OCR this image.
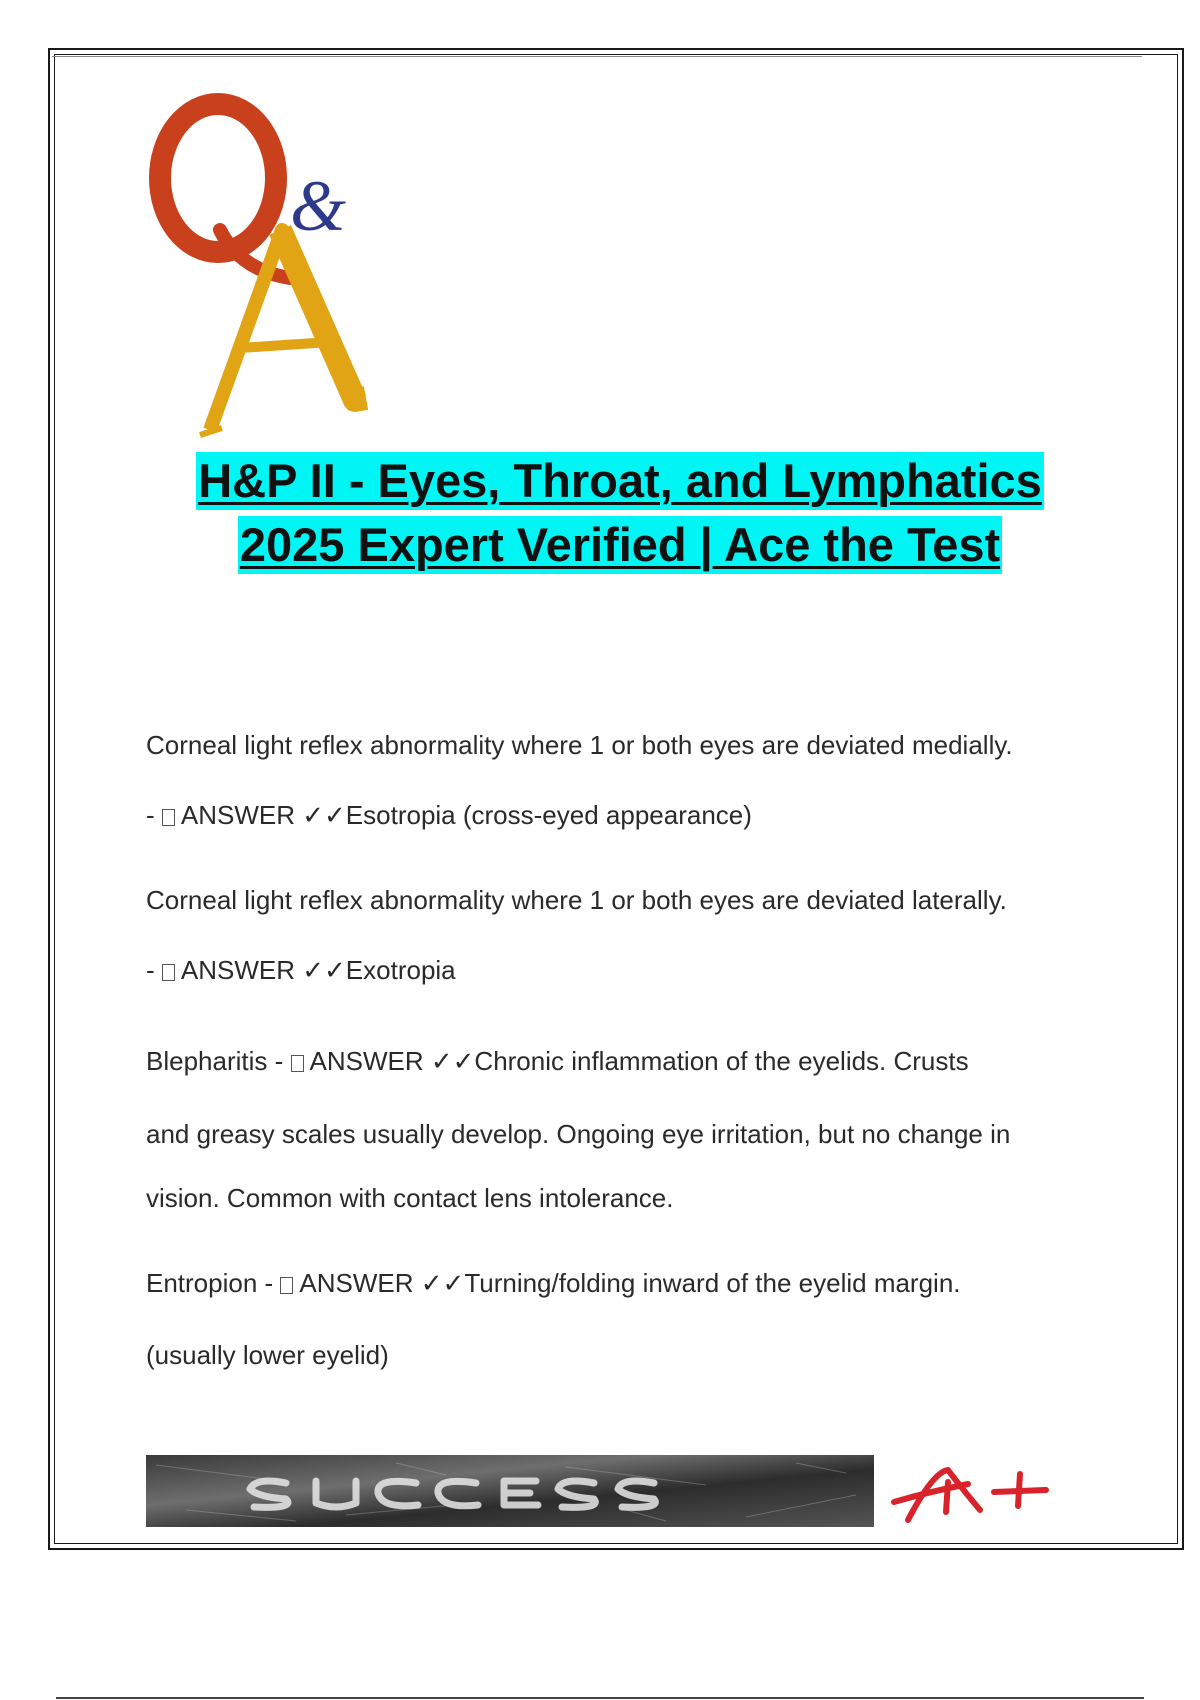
&
H&P II - Eyes, Throat, and Lymphatics
2025 Expert Verified | Ace the Test
Corneal light reflex abnormality where 1 or both eyes are deviated medially.
- ANSWER ✓✓Esotropia (cross-eyed appearance)
Corneal light reflex abnormality where 1 or both eyes are deviated laterally.
- ANSWER ✓✓Exotropia
Blepharitis - ANSWER ✓✓Chronic inflammation of the eyelids. Crusts
and greasy scales usually develop. Ongoing eye irritation, but no change in
vision. Common with contact lens intolerance.
Entropion - ANSWER ✓✓Turning/folding inward of the eyelid margin.
(usually lower eyelid)
